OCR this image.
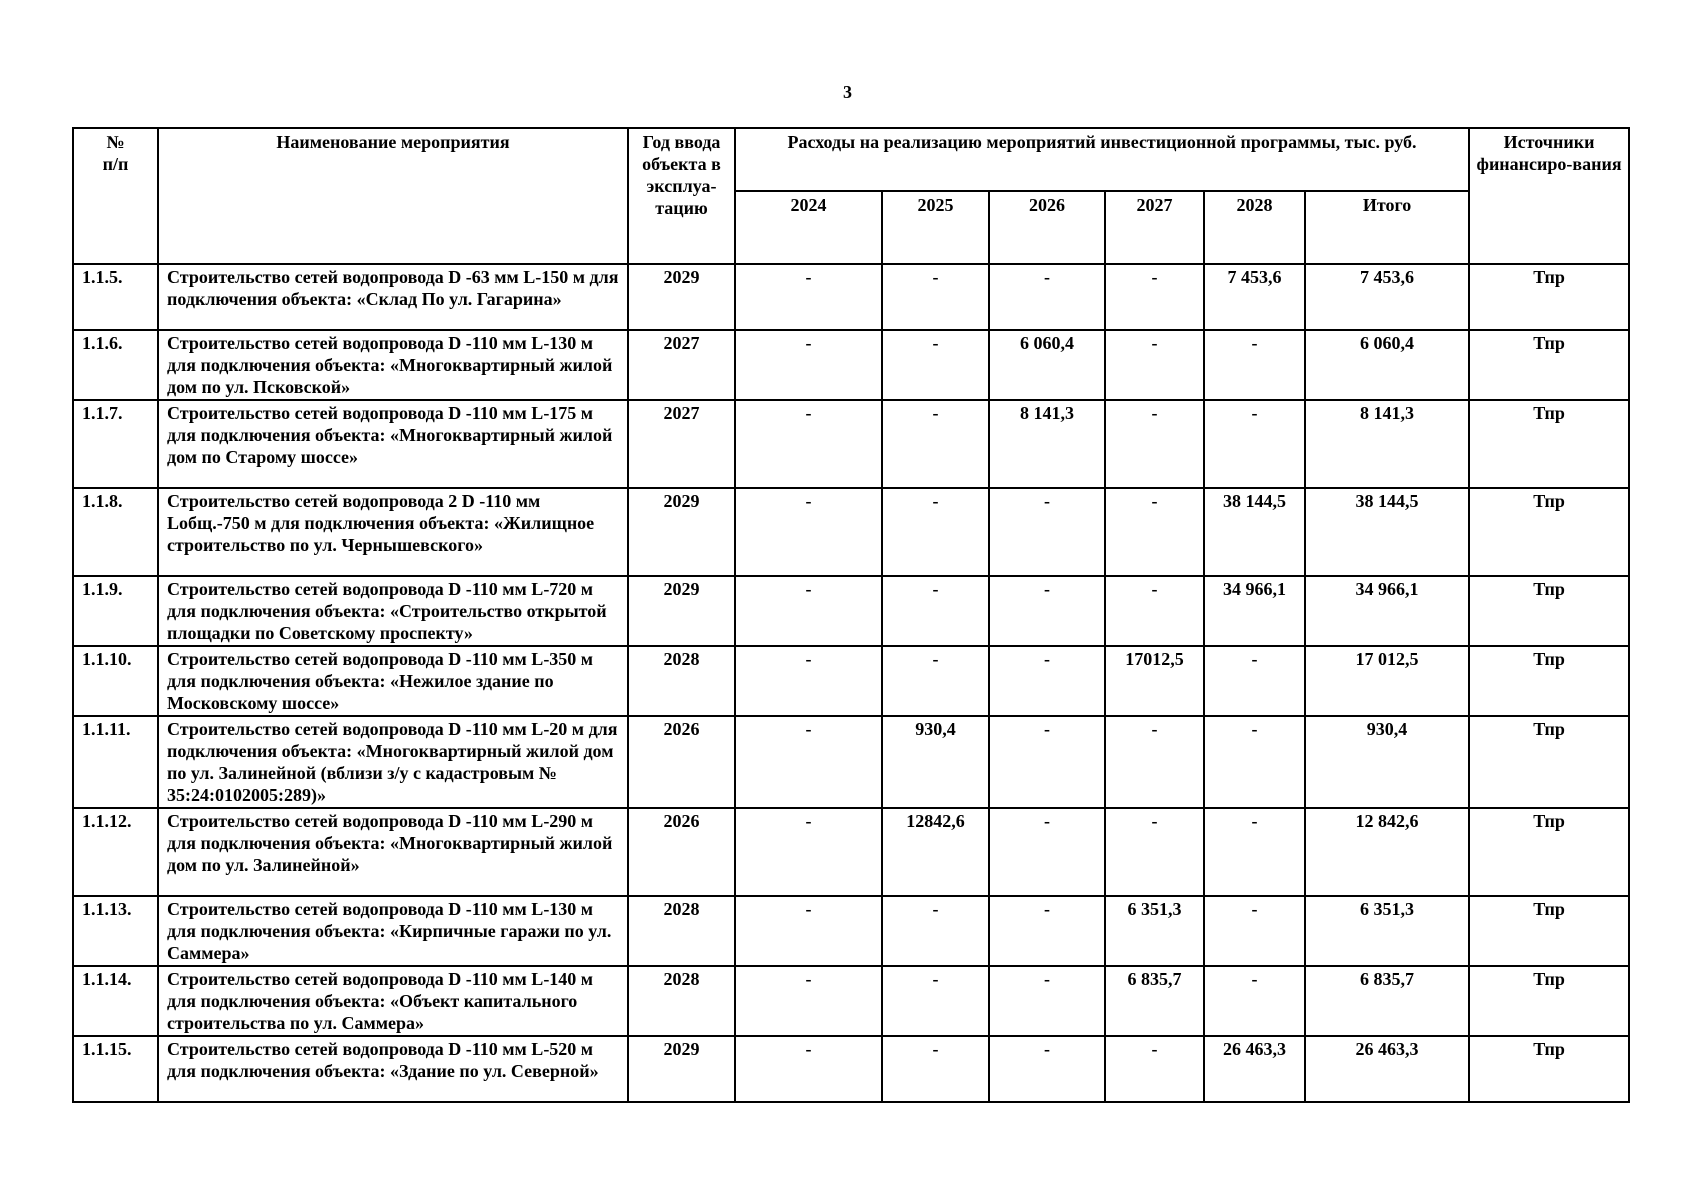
3
№
п/п	Наименование мероприятия	Год ввода объекта в эксплуа-тацию	Расходы на реализацию мероприятий инвестиционной программы, тыс. руб.						Источники финансиро-вания
			2024	2025	2026	2027	2028	Итого	
1.1.5.	Строительство сетей водопровода D -63 мм L-150 м для подключения объекта: «Склад По ул. Гагарина»	2029	-	-	-	-	7 453,6	7 453,6	Тпр
1.1.6.	Строительство сетей водопровода D -110 мм L-130 м для подключения объекта: «Многоквартирный жилой дом по ул. Псковской»	2027	-	-	6 060,4	-	-	6 060,4	Тпр
1.1.7.	Строительство сетей водопровода D -110 мм L-175 м для подключения объекта: «Многоквартирный жилой дом по Старому шоссе»	2027	-	-	8 141,3	-	-	8 141,3	Тпр
1.1.8.	Строительство сетей водопровода 2 D -110 мм Lобщ.-750 м для подключения объекта: «Жилищное строительство по ул. Чернышевского»	2029	-	-	-	-	38 144,5	38 144,5	Тпр
1.1.9.	Строительство сетей водопровода D -110 мм L-720 м для подключения объекта: «Строительство открытой площадки по Советскому проспекту»	2029	-	-	-	-	34 966,1	34 966,1	Тпр
1.1.10.	Строительство сетей водопровода D -110 мм L-350 м для подключения объекта: «Нежилое здание по Московскому шоссе»	2028	-	-	-	17012,5	-	17 012,5	Тпр
1.1.11.	Строительство сетей водопровода D -110 мм L-20 м для подключения объекта: «Многоквартирный жилой дом по ул. Залинейной (вблизи з/у с кадастровым № 35:24:0102005:289)»	2026	-	930,4	-	-	-	930,4	Тпр
1.1.12.	Строительство сетей водопровода D -110 мм L-290 м для подключения объекта: «Многоквартирный жилой дом по ул. Залинейной»	2026	-	12842,6	-	-	-	12 842,6	Тпр
1.1.13.	Строительство сетей водопровода D -110 мм L-130 м для подключения объекта: «Кирпичные гаражи по ул. Саммера»	2028	-	-	-	6 351,3	-	6 351,3	Тпр
1.1.14.	Строительство сетей водопровода D -110 мм L-140 м для подключения объекта: «Объект капитального строительства по ул. Саммера»	2028	-	-	-	6 835,7	-	6 835,7	Тпр
1.1.15.	Строительство сетей водопровода D -110 мм L-520 м для подключения объекта: «Здание по ул. Северной»	2029	-	-	-	-	26 463,3	26 463,3	Тпр
